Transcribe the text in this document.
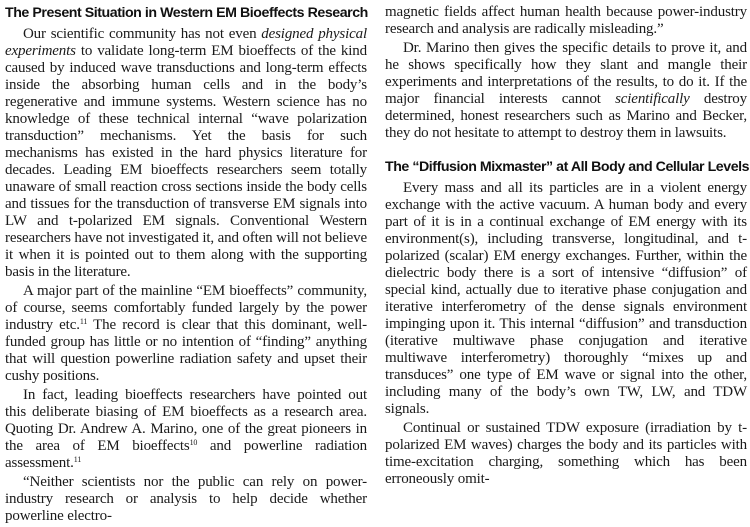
The Present Situation in Western EM Bioeffects Research

Our scientific community has not even designed physical experiments to validate long-term EM bioeffects of the kind caused by induced wave transductions and long-term effects inside the absorbing human cells and in the body’s regenerative and immune systems. Western science has no knowledge of these technical internal “wave polarization transduction” mechanisms. Yet the basis for such mechanisms has existed in the hard physics literature for decades. Leading EM bioeffects researchers seem totally unaware of small reaction cross sections inside the body cells and tissues for the transduction of transverse EM signals into LW and t-polarized EM signals. Conventional Western researchers have not investigated it, and often will not believe it when it is pointed out to them along with the supporting basis in the literature.

A major part of the mainline “EM bioeffects” community, of course, seems comfortably funded largely by the power industry etc.$^{11}$ The record is clear that this dominant, well-funded group has little or no intention of “finding” anything that will question powerline radiation safety and upset their cushy positions.

In fact, leading bioeffects researchers have pointed out this deliberate biasing of EM bioeffects as a research area. Quoting Dr. Andrew A. Marino, one of the great pioneers in the area of EM bioeffects$^{10}$ and powerline radiation assessment.$^{11}$

“Neither scientists nor the public can rely on power-industry research or analysis to help decide whether powerline electro-

magnetic fields affect human health because power-industry research and analysis are radically misleading.”

Dr. Marino then gives the specific details to prove it, and he shows specifically how they slant and mangle their experiments and interpretations of the results, to do it. If the major financial interests cannot scientifically destroy determined, honest researchers such as Marino and Becker, they do not hesitate to attempt to destroy them in lawsuits.

The “Diffusion Mixmaster” at All Body and Cellular Levels

Every mass and all its particles are in a violent energy exchange with the active vacuum. A human body and every part of it is in a continual exchange of EM energy with its environment(s), including transverse, longitudinal, and t-polarized (scalar) EM energy exchanges. Further, within the dielectric body there is a sort of intensive “diffusion” of special kind, actually due to iterative phase conjugation and iterative interferometry of the dense signals environment impinging upon it. This internal “diffusion” and transduction (iterative multiwave phase conjugation and iterative multiwave interferometry) thoroughly “mixes up and transduces” one type of EM wave or signal into the other, including many of the body’s own TW, LW, and TDW signals.

Continual or sustained TDW exposure (irradiation by t-polarized EM waves) charges the body and its particles with time-excitation charging, something which has been erroneously omit-
